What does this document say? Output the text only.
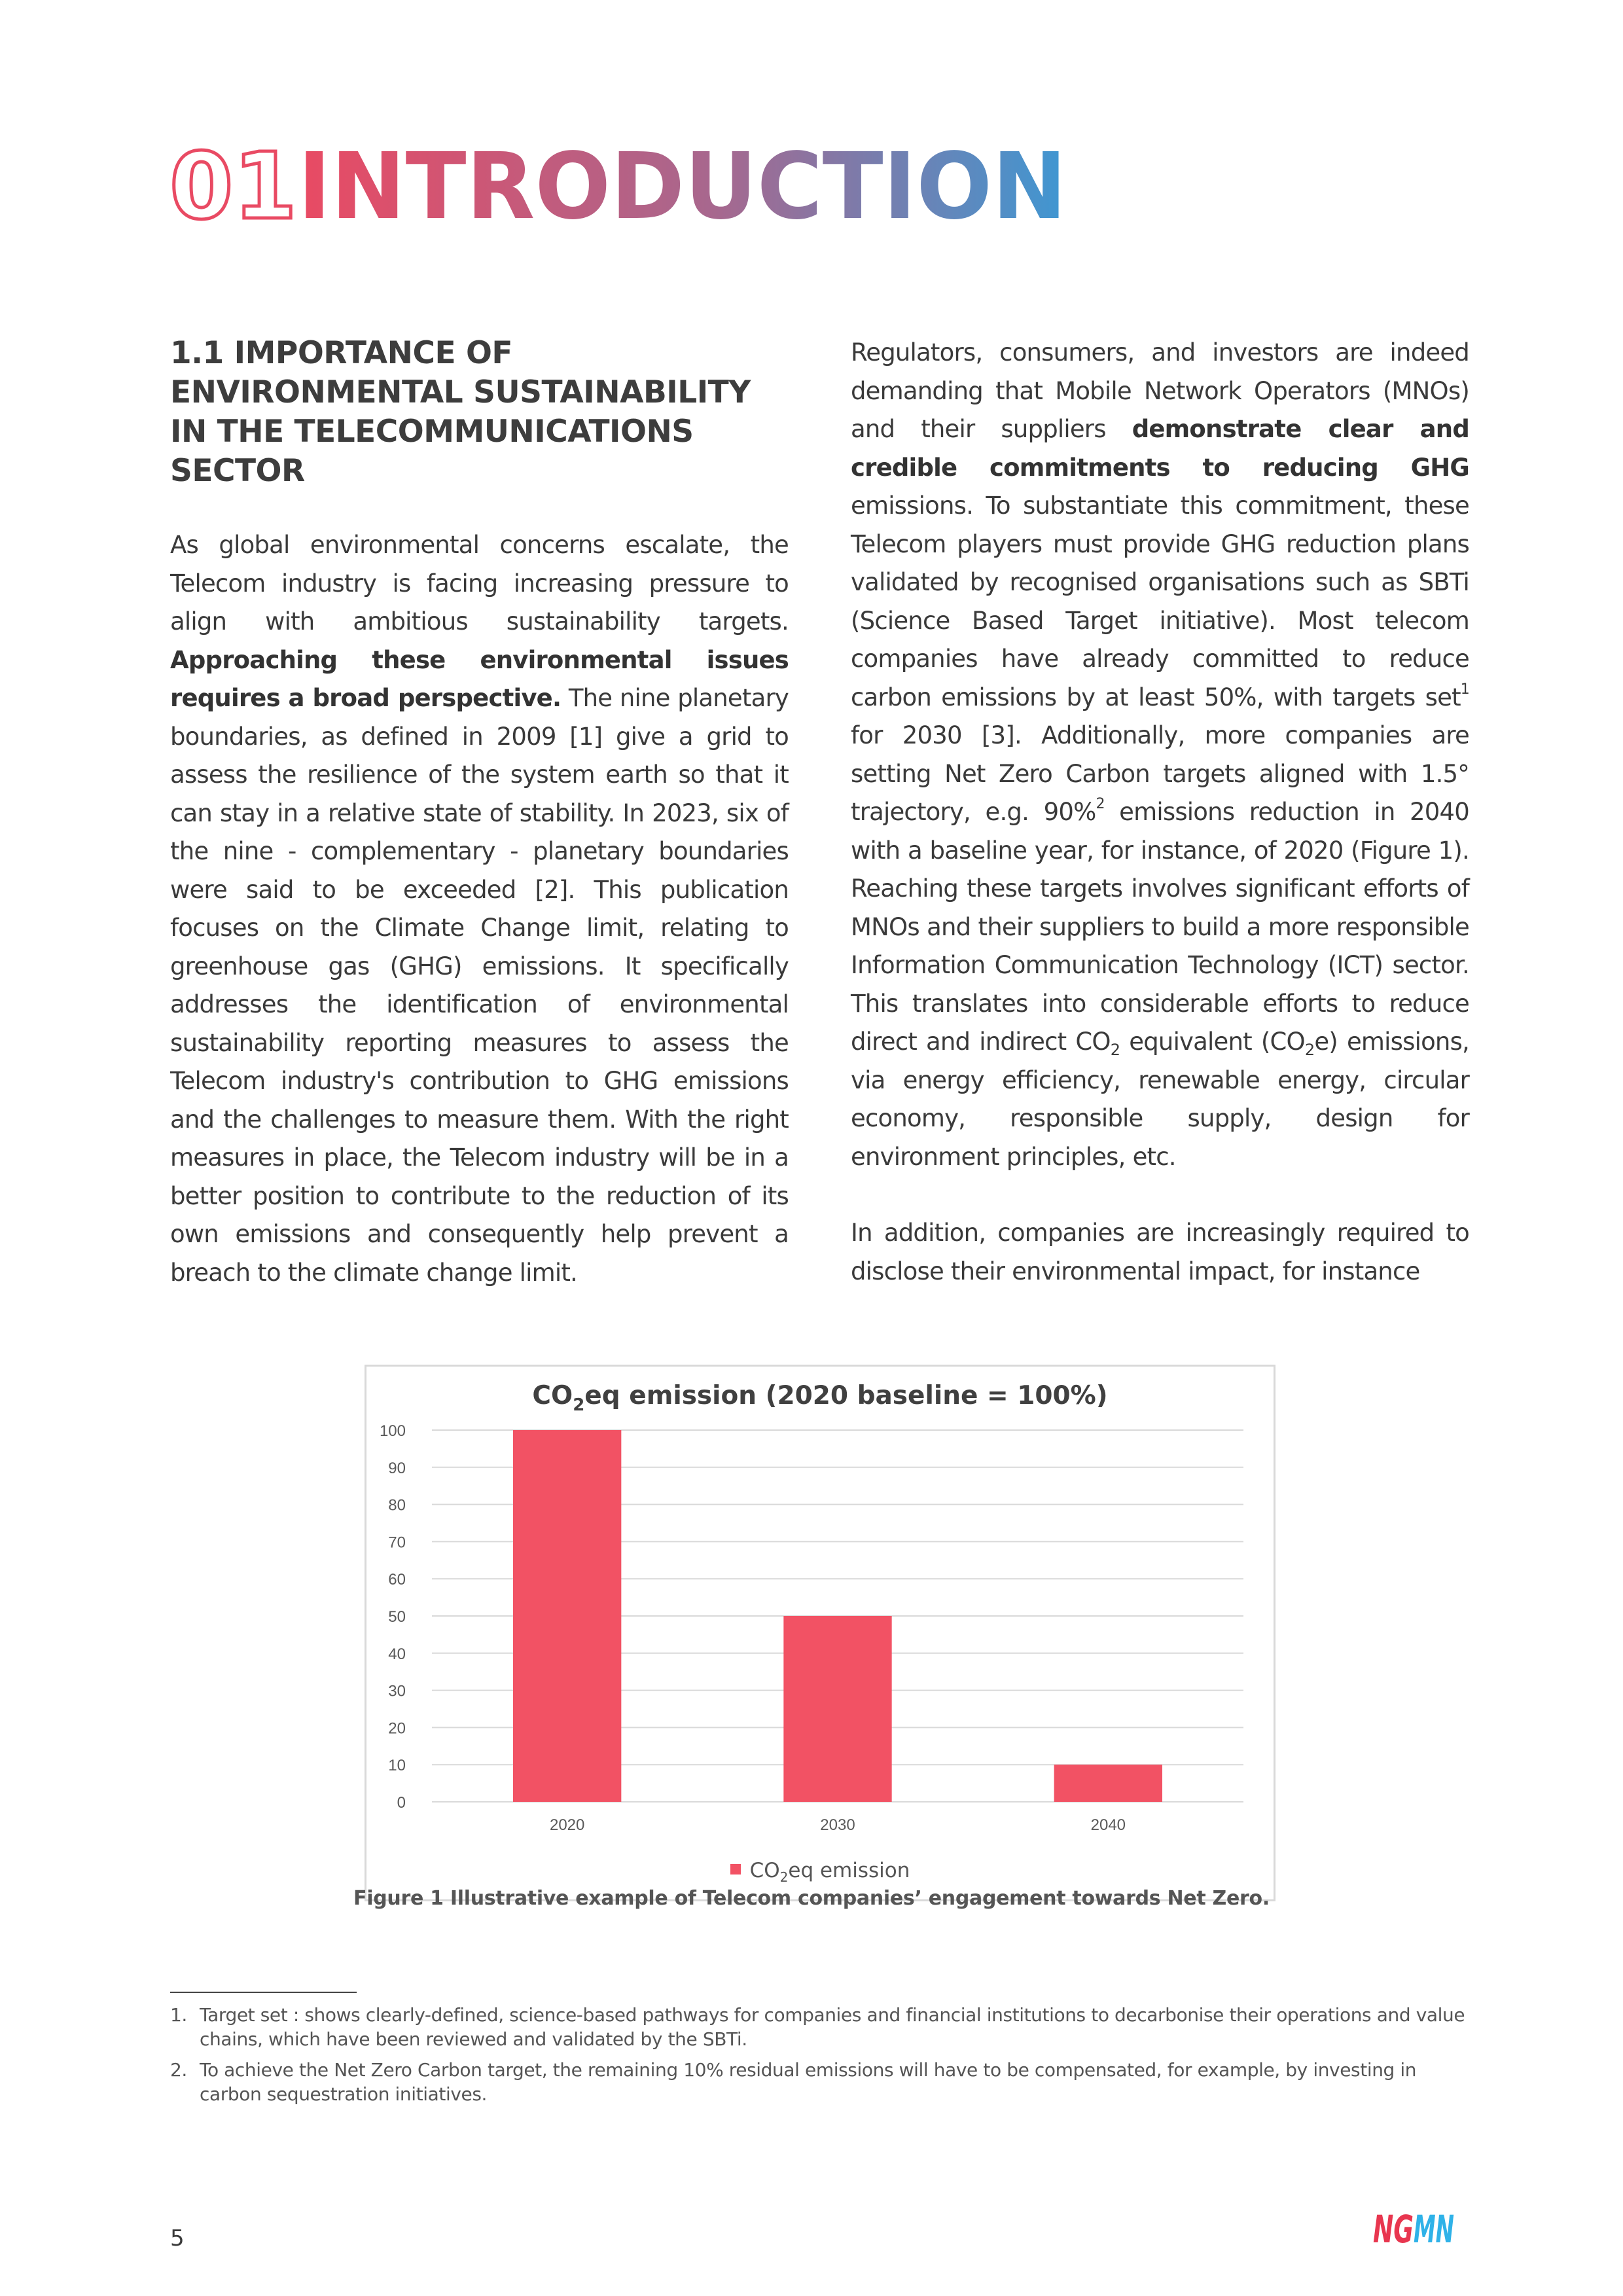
01 INTRODUCTION
1.1 IMPORTANCE OF ENVIRONMENTAL SUSTAINABILITY IN THE TELECOMMUNICATIONS SECTOR

As global environmental concerns escalate, the Telecom industry is facing increasing pressure to align with ambitious sustainability targets. Approaching these environmental issues requires a broad perspective. The nine planetary boundaries, as defined in 2009 [1] give a grid to assess the resilience of the system earth so that it can stay in a relative state of stability. In 2023, six of the nine - complementary - planetary boundaries were said to be exceeded [2]. This publication focuses on the Climate Change limit, relating to greenhouse gas (GHG) emissions. It specifically addresses the identification of environmental sustainability reporting measures to assess the Telecom industry's contribution to GHG emissions and the challenges to measure them. With the right measures in place, the Telecom industry will be in a better position to contribute to the reduction of its own emissions and consequently help prevent a breach to the climate change limit.

Regulators, consumers, and investors are indeed demanding that Mobile Network Operators (MNOs) and their suppliers demonstrate clear and credible commitments to reducing GHG emissions. To substantiate this commitment, these Telecom players must provide GHG reduction plans validated by recognised organisations such as SBTi (Science Based Target initiative). Most telecom companies have already committed to reduce carbon emissions by at least 50%, with targets set$^1$ for 2030 [3]. Additionally, more companies are setting Net Zero Carbon targets aligned with 1.5° trajectory, e.g. 90%$^2$ emissions reduction in 2040 with a baseline year, for instance, of 2020 (Figure 1). Reaching these targets involves significant efforts of MNOs and their suppliers to build a more responsible Information Communication Technology (ICT) sector. This translates into considerable efforts to reduce direct and indirect $CO_2$ equivalent $(CO_2e)$ emissions, via energy efficiency, renewable energy, circular economy, responsible supply, design for environment principles, etc.

In addition, companies are increasingly required to disclose their environmental impact, for instance

$CO_2eq$ emission (2020 baseline = 100%)
0
10
20
30
40
50
60
70
80
90
100
2020	2030	2040
$CO_2eq$ emission
Figure 1 Illustrative example of Telecom companies’ engagement towards Net Zero.
1. Target set : shows clearly-defined, science-based pathways for companies and financial institutions to decarbonise their operations and value chains, which have been reviewed and validated by the SBTi.
2. To achieve the Net Zero Carbon target, the remaining 10% residual emissions will have to be compensated, for example, by investing in carbon sequestration initiatives.
5	NG MN
